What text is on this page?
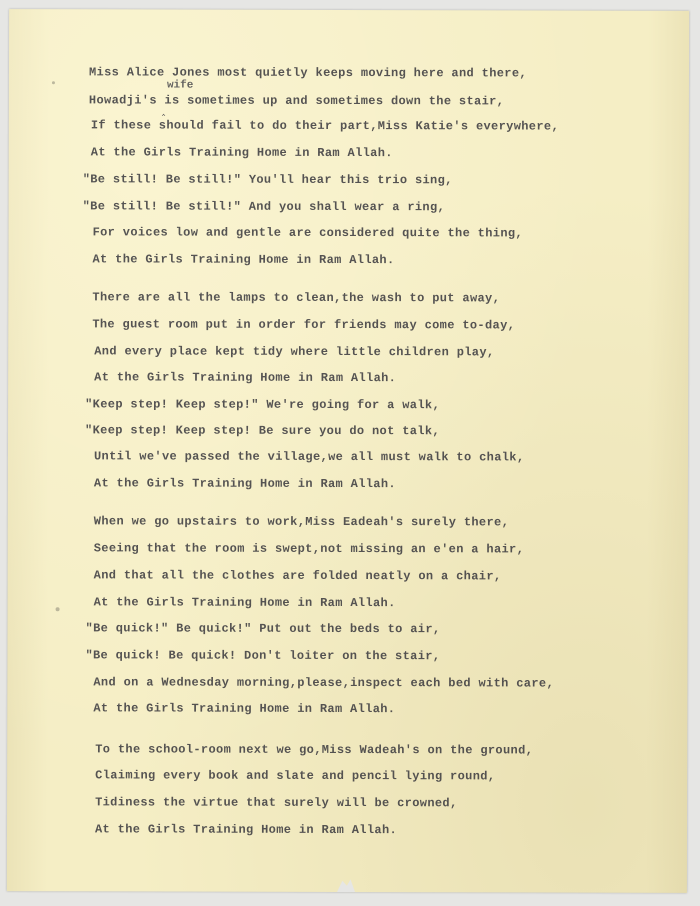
Miss Alice Jones most quietly keeps moving here and there,

wife

‸

Howadji's is sometimes up and sometimes down the stair,

If these should fail to do their part,Miss Katie's everywhere,

At the Girls Training Home in Ram Allah.

"Be still! Be still!" You'll hear this trio sing,

"Be still! Be still!" And you shall wear a ring,

For voices low and gentle are considered quite the thing,

At the Girls Training Home in Ram Allah.

There are all the lamps to clean,the wash to put away,

The guest room put in order for friends may come to-day,

And every place kept tidy where little children play,

At the Girls Training Home in Ram Allah.

"Keep step! Keep step!" We're going for a walk,

"Keep step! Keep step! Be sure you do not talk,

Until we've passed the village,we all must walk to chalk,

At the Girls Training Home in Ram Allah.

When we go upstairs to work,Miss Eadeah's surely there,

Seeing that the room is swept,not missing an e'en a hair,

And that all the clothes are folded neatly on a chair,

At the Girls Training Home in Ram Allah.

"Be quick!" Be quick!" Put out the beds to air,

"Be quick! Be quick! Don't loiter on the stair,

And on a Wednesday morning,please,inspect each bed with care,

At the Girls Training Home in Ram Allah.

To the school-room next we go,Miss Wadeah's on the ground,

Claiming every book and slate and pencil lying round,

Tidiness the virtue that surely will be crowned,

At the Girls Training Home in Ram Allah.
